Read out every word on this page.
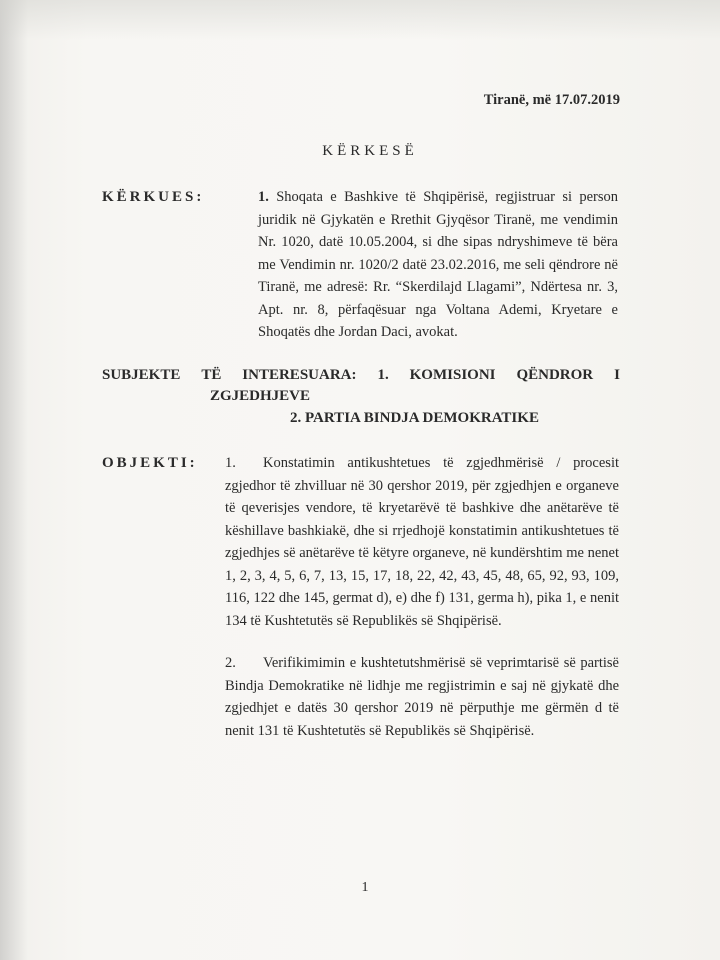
Tiranë, më 17.07.2019
KËRKESË
KËRKUES:	1. Shoqata e Bashkive të Shqipërisë, regjistruar si person juridik në Gjykatën e Rrethit Gjyqësor Tiranë, me vendimin Nr. 1020, datë 10.05.2004, si dhe sipas ndryshimeve të bëra me Vendimin nr. 1020/2 datë 23.02.2016, me seli qëndrore në Tiranë, me adresë: Rr. “Skerdilajd Llagami”, Ndërtesa nr. 3, Apt. nr. 8, përfaqësuar nga Voltana Ademi, Kryetare e Shoqatës dhe Jordan Daci, avokat.
SUBJEKTE TË INTERESUARA: 1. KOMISIONI QËNDROR I
ZGJEDHJEVE
2. PARTIA BINDJA DEMOKRATIKE
OBJEKTI: 1. Konstatimin antikushtetues të zgjedhmërisë / procesit zgjedhor të zhvilluar në 30 qershor 2019, për zgjedhjen e organeve të qeverisjes vendore, të kryetarëvë të bashkive dhe anëtarëve të këshillave bashkiakë, dhe si rrjedhojë konstatimin antikushtetues të zgjedhjes së anëtarëve të këtyre organeve, në kundërshtim me nenet 1, 2, 3, 4, 5, 6, 7, 13, 15, 17, 18, 22, 42, 43, 45, 48, 65, 92, 93, 109, 116, 122 dhe 145, germat d), e) dhe f) 131, germa h), pika 1, e nenit 134 të Kushtetutës së Republikës së Shqipërisë.
2. Verifikimimin e kushtetutshmërisë së veprimtarisë së partisë Bindja Demokratike në lidhje me regjistrimin e saj në gjykatë dhe zgjedhjet e datës 30 qershor 2019 në përputhje me gërmën d të nenit 131 të Kushtetutës së Republikës së Shqipërisë.
1
